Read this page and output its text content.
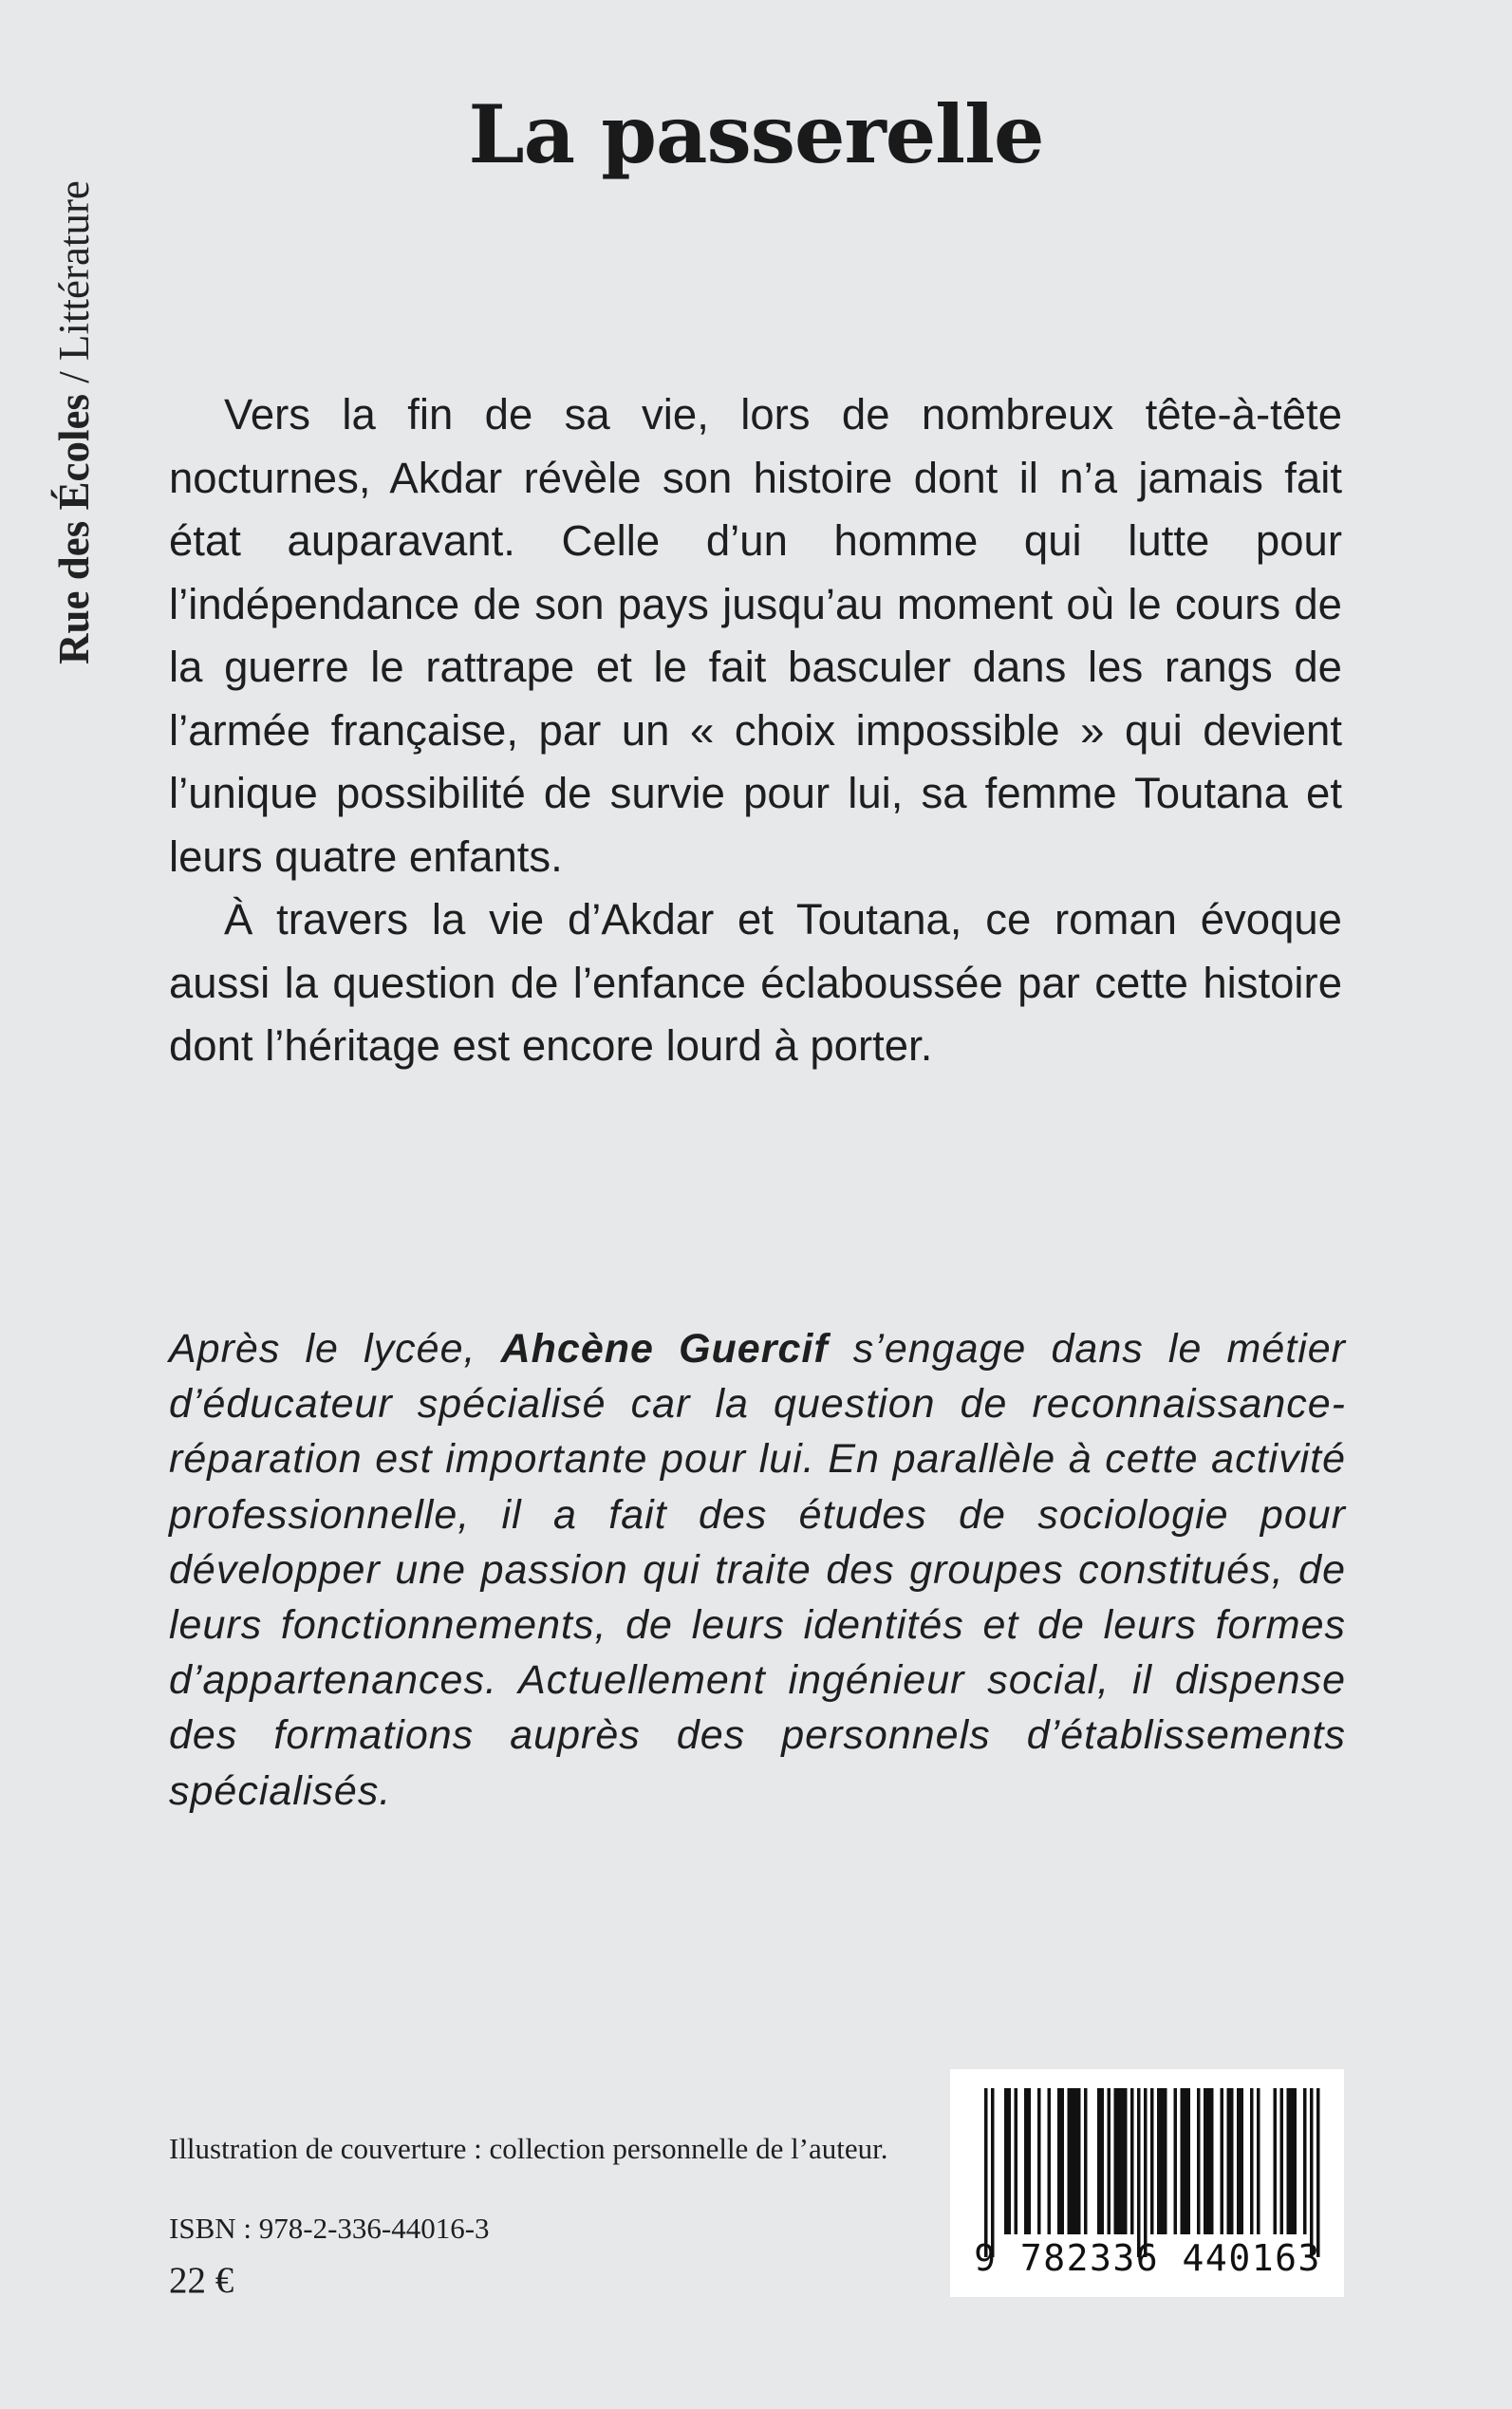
Rue des Écoles / Littérature
La passerelle

Vers la fin de sa vie, lors de nombreux tête-à-tête nocturnes, Akdar révèle son histoire dont il n’a jamais fait état auparavant. Celle d’un homme qui lutte pour l’indépendance de son pays jusqu’au moment où le cours de la guerre le rattrape et le fait basculer dans les rangs de l’armée française, par un « choix impossible » qui devient l’unique possibilité de survie pour lui, sa femme Toutana et leurs quatre enfants.

À travers la vie d’Akdar et Toutana, ce roman évoque aussi la question de l’enfance éclaboussée par cette histoire dont l’héritage est encore lourd à porter.

Après le lycée, Ahcène Guercif s’engage dans le métier d’éducateur spécialisé car la question de reconnaissance-réparation est importante pour lui. En parallèle à cette activité professionnelle, il a fait des études de sociologie pour développer une passion qui traite des groupes constitués, de leurs fonctionnements, de leurs identités et de leurs formes d’appartenances. Actuellement ingénieur social, il dispense des formations auprès des personnels d’établissements spécialisés.

Illustration de couverture : collection personnelle de l’auteur.

ISBN : 978-2-336-44016-3

22 €

9 782336 440163
